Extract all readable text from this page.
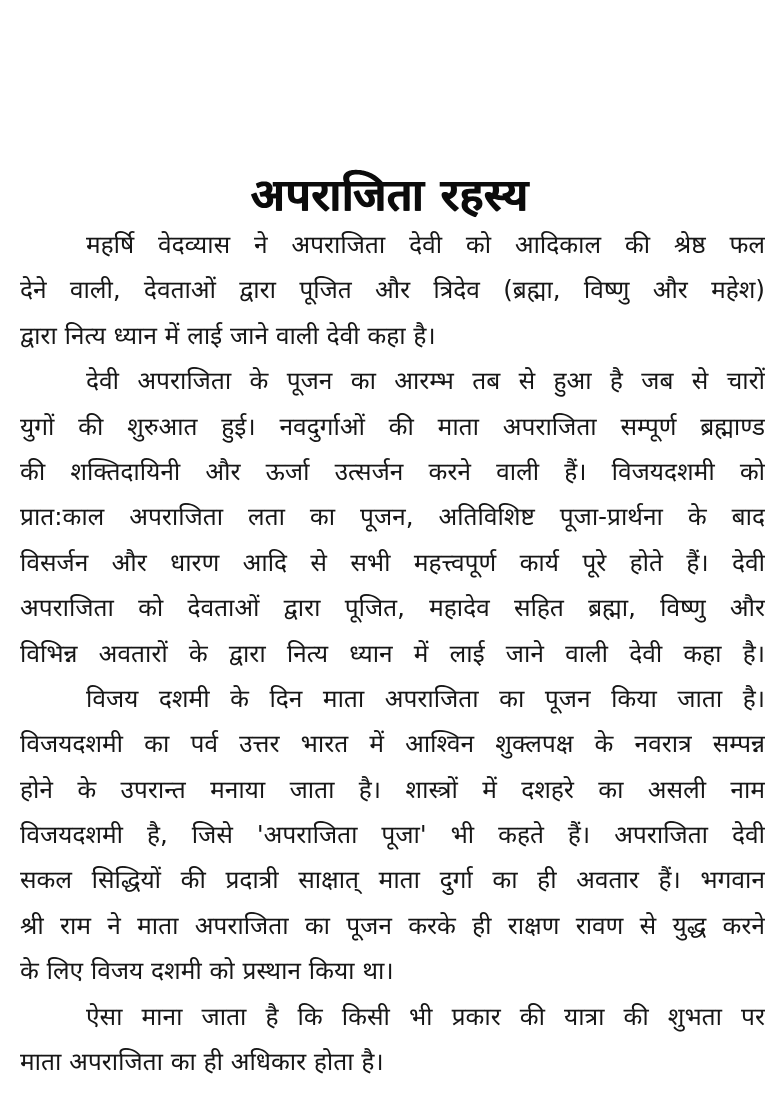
अपराजिता रहस्य
महर्षि वेदव्यास ने अपराजिता देवी को आदिकाल की श्रेष्ठ फल
देने वाली, देवताओं द्वारा पूजित और त्रिदेव (ब्रह्मा, विष्णु और महेश)
द्वारा नित्य ध्यान में लाई जाने वाली देवी कहा है।
देवी अपराजिता के पूजन का आरम्भ तब से हुआ है जब से चारों
युगों की शुरुआत हुई। नवदुर्गाओं की माता अपराजिता सम्पूर्ण ब्रह्माण्ड
की शक्तिदायिनी और ऊर्जा उत्सर्जन करने वाली हैं। विजयदशमी को
प्रात:काल अपराजिता लता का पूजन, अतिविशिष्ट पूजा-प्रार्थना के बाद
विसर्जन और धारण आदि से सभी महत्त्वपूर्ण कार्य पूरे होते हैं। देवी
अपराजिता को देवताओं द्वारा पूजित, महादेव सहित ब्रह्मा, विष्णु और
विभिन्न अवतारों के द्वारा नित्य ध्यान में लाई जाने वाली देवी कहा है।
विजय दशमी के दिन माता अपराजिता का पूजन किया जाता है।
विजयदशमी का पर्व उत्तर भारत में आश्विन शुक्लपक्ष के नवरात्र सम्पन्न
होने के उपरान्त मनाया जाता है। शास्त्रों में दशहरे का असली नाम
विजयदशमी है, जिसे 'अपराजिता पूजा' भी कहते हैं। अपराजिता देवी
सकल सिद्धियों की प्रदात्री साक्षात् माता दुर्गा का ही अवतार हैं। भगवान
श्री राम ने माता अपराजिता का पूजन करके ही राक्षण रावण से युद्ध करने
के लिए विजय दशमी को प्रस्थान किया था।
ऐसा माना जाता है कि किसी भी प्रकार की यात्रा की शुभता पर
माता अपराजिता का ही अधिकार होता है।
